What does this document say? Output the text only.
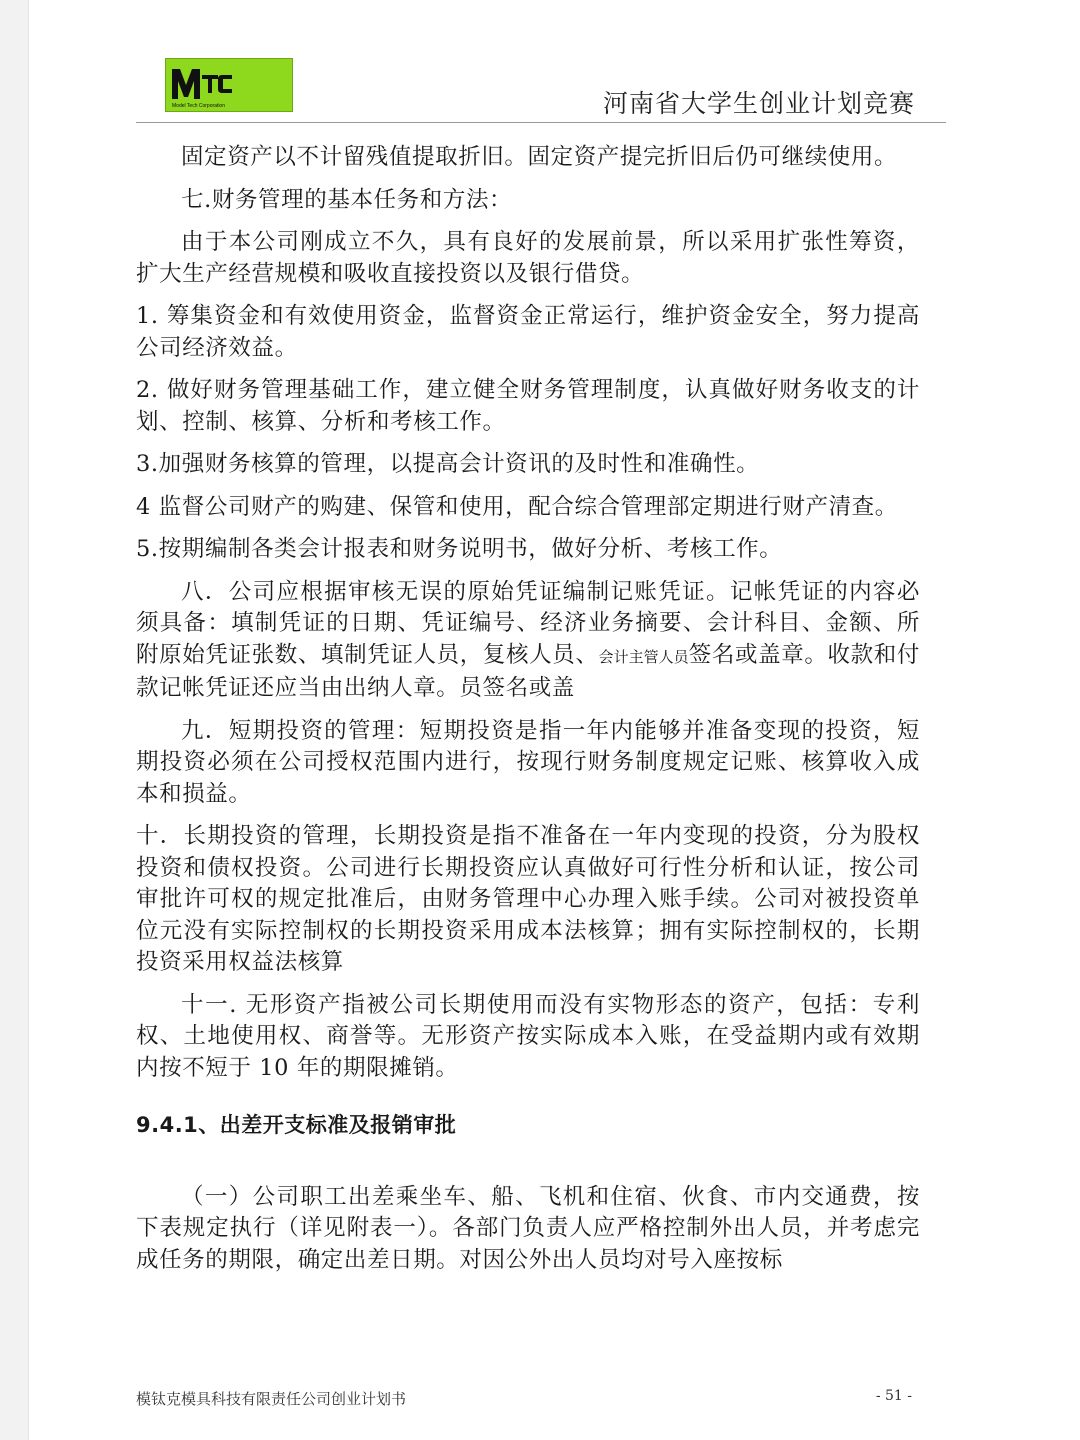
Model Tech Corporation	河南省大学生创业计划竞赛

固定资产以不计留残值提取折旧。固定资产提完折旧后仍可继续使用。

七.财务管理的基本任务和方法：

由于本公司刚成立不久，具有良好的发展前景，所以采用扩张性筹资，扩大生产经营规模和吸收直接投资以及银行借贷。

1. 筹集资金和有效使用资金，监督资金正常运行，维护资金安全，努力提高公司经济效益。

2. 做好财务管理基础工作，建立健全财务管理制度，认真做好财务收支的计划、控制、核算、分析和考核工作。

3.加强财务核算的管理，以提高会计资讯的及时性和准确性。

4 监督公司财产的购建、保管和使用，配合综合管理部定期进行财产清查。

5.按期编制各类会计报表和财务说明书，做好分析、考核工作。

八．公司应根据审核无误的原始凭证编制记账凭证。记帐凭证的内容必须具备：填制凭证的日期、凭证编号、经济业务摘要、会计科目、金额、所附原始凭证张数、填制凭证人员，复核人员、会计主管人员签名或盖章。收款和付款记帐凭证还应当由出纳人章。员签名或盖

九．短期投资的管理：短期投资是指一年内能够并准备变现的投资，短期投资必须在公司授权范围内进行，按现行财务制度规定记账、核算收入成本和损益。

十．长期投资的管理，长期投资是指不准备在一年内变现的投资，分为股权投资和债权投资。公司进行长期投资应认真做好可行性分析和认证，按公司审批许可权的规定批准后，由财务管理中心办理入账手续。公司对被投资单位元没有实际控制权的长期投资采用成本法核算；拥有实际控制权的，长期投资采用权益法核算

十一. 无形资产指被公司长期使用而没有实物形态的资产，包括：专利权、土地使用权、商誉等。无形资产按实际成本入账，在受益期内或有效期内按不短于 10 年的期限摊销。

9.4.1、出差开支标准及报销审批

（一）公司职工出差乘坐车、船、飞机和住宿、伙食、市内交通费，按下表规定执行（详见附表一）。各部门负责人应严格控制外出人员，并考虑完成任务的期限，确定出差日期。对因公外出人员均对号入座按标

模钛克模具科技有限责任公司创业计划书	- 51 -
